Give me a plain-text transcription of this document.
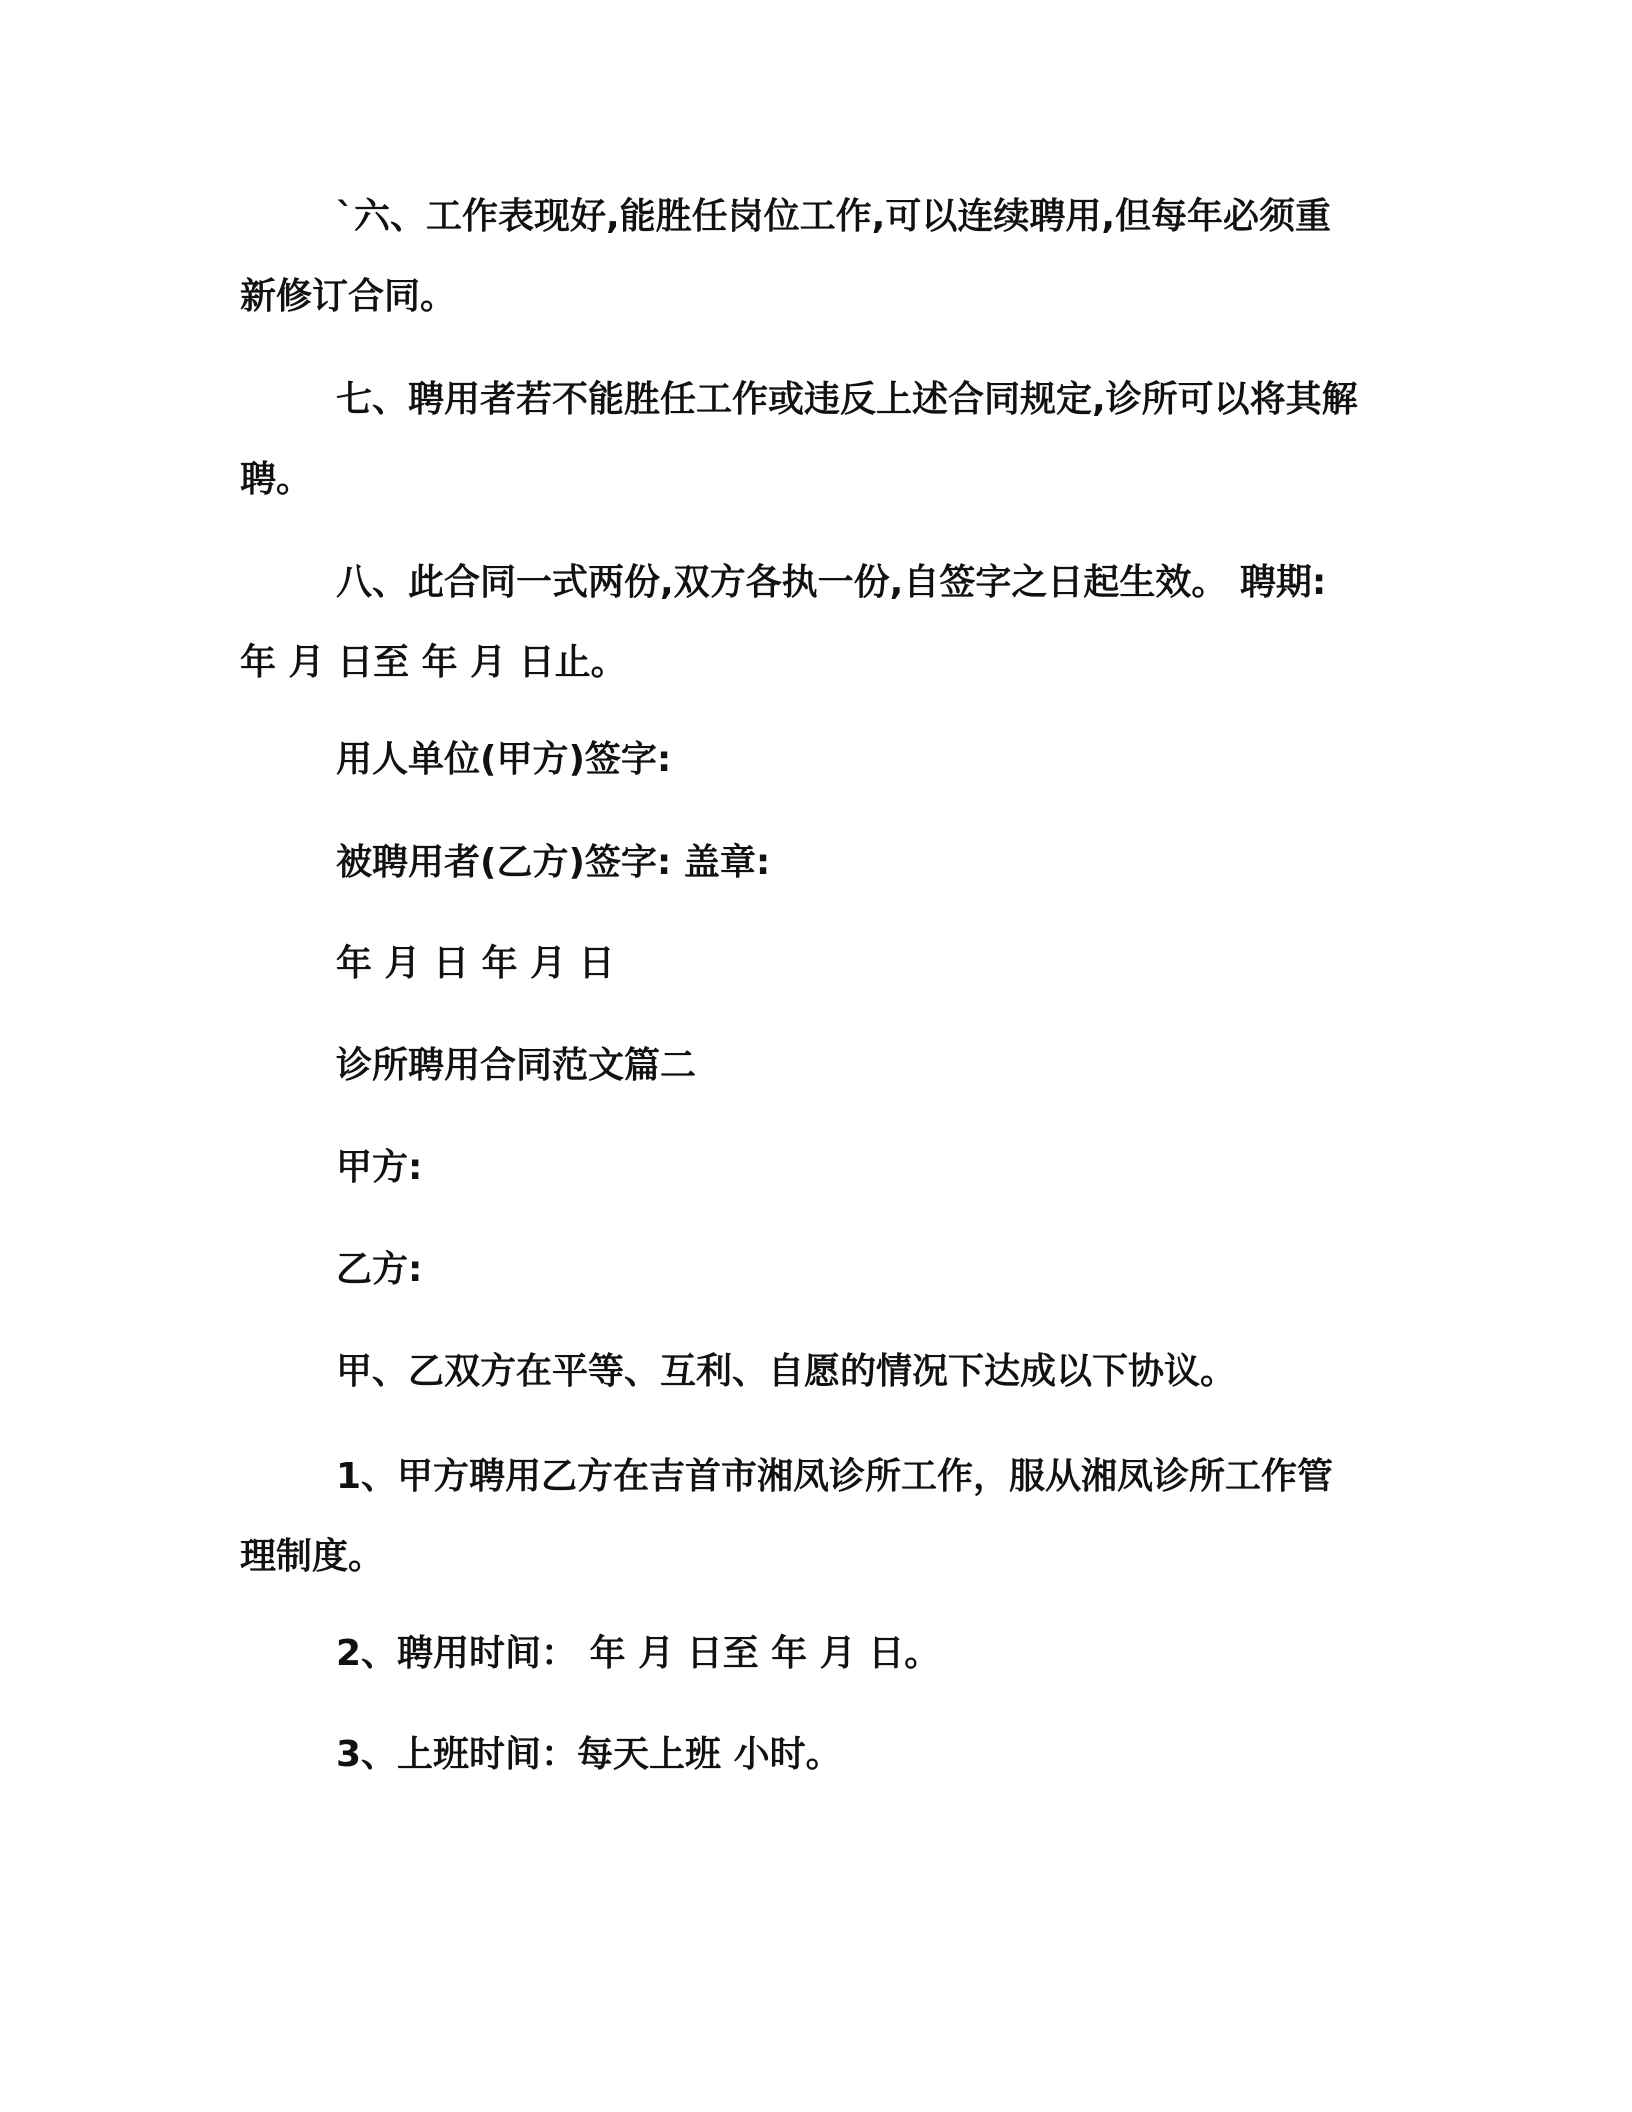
`六、工作表现好,能胜任岗位工作,可以连续聘用,但每年必须重新修订合同。

七、聘用者若不能胜任工作或违反上述合同规定,诊所可以将其解聘。

八、此合同一式两份,双方各执一份,自签字之日起生效。 聘期: 年 月 日至 年 月 日止。

用人单位(甲方)签字:

被聘用者(乙方)签字: 盖章:

年 月 日 年 月 日

诊所聘用合同范文篇二

甲方:

乙方:

甲、乙双方在平等、互利、自愿的情况下达成以下协议。

1、甲方聘用乙方在吉首市湘凤诊所工作，服从湘凤诊所工作管理制度。

2、聘用时间： 年 月 日至 年 月 日。

3、上班时间：每天上班 小时。
